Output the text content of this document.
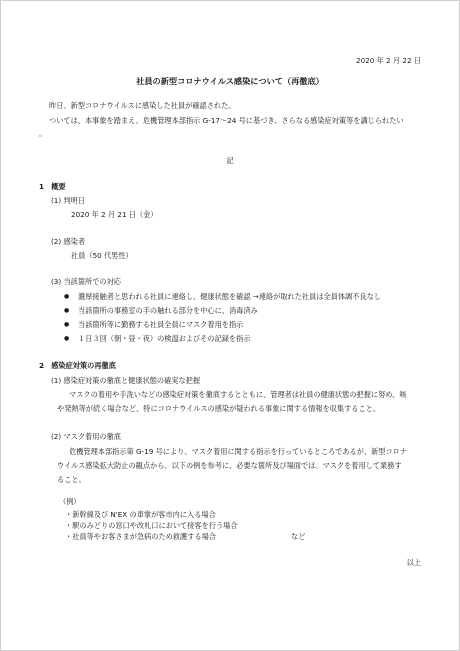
2020 年 2 月 22 日
社員の新型コロナウイルス感染について（再徹底）
昨日、新型コロナウイルスに感染した社員が確認された。
ついては、本事象を踏まえ、危機管理本部指示 G-17～24 号に基づき、さらなる感染症対策等を講じられたい
。
記
1　概要
(1) 判明日
2020 年 2 月 21 日（金）
(2) 感染者
社員（50 代男性）
(3) 当該箇所での対応
● 濃厚接触者と思われる社員に連絡し、健康状態を確認 →連絡が取れた社員は全員体調不良なし
● 当該箇所の事務室の手の触れる部分を中心に、消毒済み
● 当該箇所等に勤務する社員全員にマスク着用を指示
● １日３回（朝・昼・夜）の検温およびその記録を指示
2　感染症対策の再徹底
(1) 感染症対策の徹底と健康状態の確実な把握
マスクの着用や手洗いなどの感染症対策を徹底するとともに、管理者は社員の健康状態の把握に努め、咳
や発熱等が続く場合など、特にコロナウイルスの感染が疑われる事象に関する情報を収集すること。
(2) マスク着用の徹底
危機管理本部指示第 G-19 号により、マスク着用に関する指示を行っているところであるが、新型コロナ
ウイルス感染拡大防止の観点から、以下の例を参考に、必要な箇所及び場面では、マスクを着用して業務す
ること。
（例）
・新幹線及び N'EX の車掌が客市内に入る場合
・駅のみどりの窓口や改札口において接客を行う場合
・社員等やお客さまが急病のため救護する場合	など
以上
